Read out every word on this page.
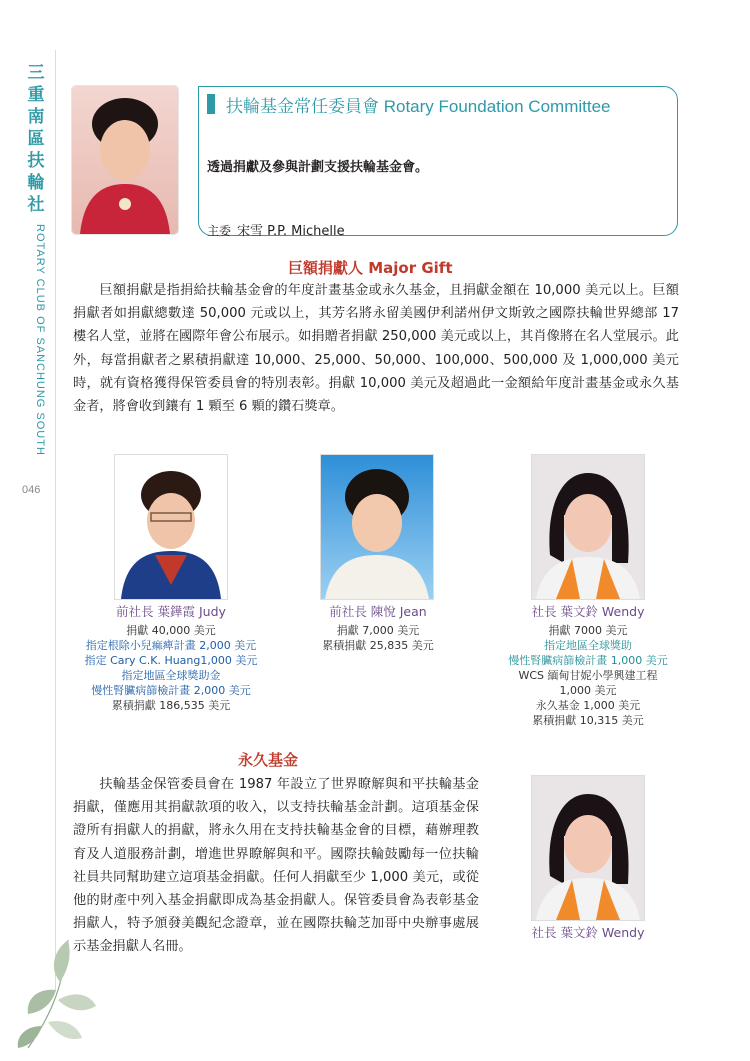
三
重
南
區
扶
輪
社
ROTARY CLUB OF SANCHUNG SOUTH
046
扶輪基金常任委員會 Rotary Foundation Committee
透過捐獻及參與計劃支援扶輪基金會。
主委 宋雪 P.P. Michelle
巨額捐獻人 Major Gift

巨額捐獻是指捐給扶輪基金會的年度計畫基金或永久基金，且捐獻金額在 10,000 美元以上。巨額捐獻者如捐獻總數達 50,000 元或以上，其芳名將永留美國伊利諾州伊文斯敦之國際扶輪世界總部 17 樓名人堂，並將在國際年會公布展示。如捐贈者捐獻 250,000 美元或以上，其肖像將在名人堂展示。此外，每當捐獻者之累積捐獻達 10,000、25,000、50,000、100,000、500,000 及 1,000,000 美元時，就有資格獲得保管委員會的特別表彰。捐獻 10,000 美元及超過此一金額給年度計畫基金或永久基金者，將會收到鑲有 1 顆至 6 顆的鑽石獎章。

前社長 葉鏵霞 Judy
捐獻 40,000 美元
指定根除小兒痲痺計畫 2,000 美元
指定 Cary C.K. Huang1,000 美元
指定地區全球獎助金
慢性腎臟病篩檢計畫 2,000 美元
累積捐獻 186,535 美元
前社長 陳悅 Jean
捐獻 7,000 美元
累積捐獻 25,835 美元
社長 葉文鈴 Wendy
捐獻 7000 美元
指定地區全球獎助
慢性腎臟病篩檢計畫 1,000 美元
WCS 緬甸甘妮小學興建工程
1,000 美元
永久基金 1,000 美元
累積捐獻 10,315 美元
永久基金

扶輪基金保管委員會在 1987 年設立了世界瞭解與和平扶輪基金捐獻，僅應用其捐獻款項的收入，以支持扶輪基金計劃。這項基金保證所有捐獻人的捐獻，將永久用在支持扶輪基金會的目標，藉辦理教育及人道服務計劃，增進世界瞭解與和平。國際扶輪鼓勵每一位扶輪社員共同幫助建立這項基金捐獻。任何人捐獻至少 1,000 美元，或從他的財產中列入基金捐獻即成為基金捐獻人。保管委員會為表彰基金捐獻人，特予頒發美觀紀念證章，並在國際扶輪芝加哥中央辦事處展示基金捐獻人名冊。

社長 葉文鈴 Wendy
